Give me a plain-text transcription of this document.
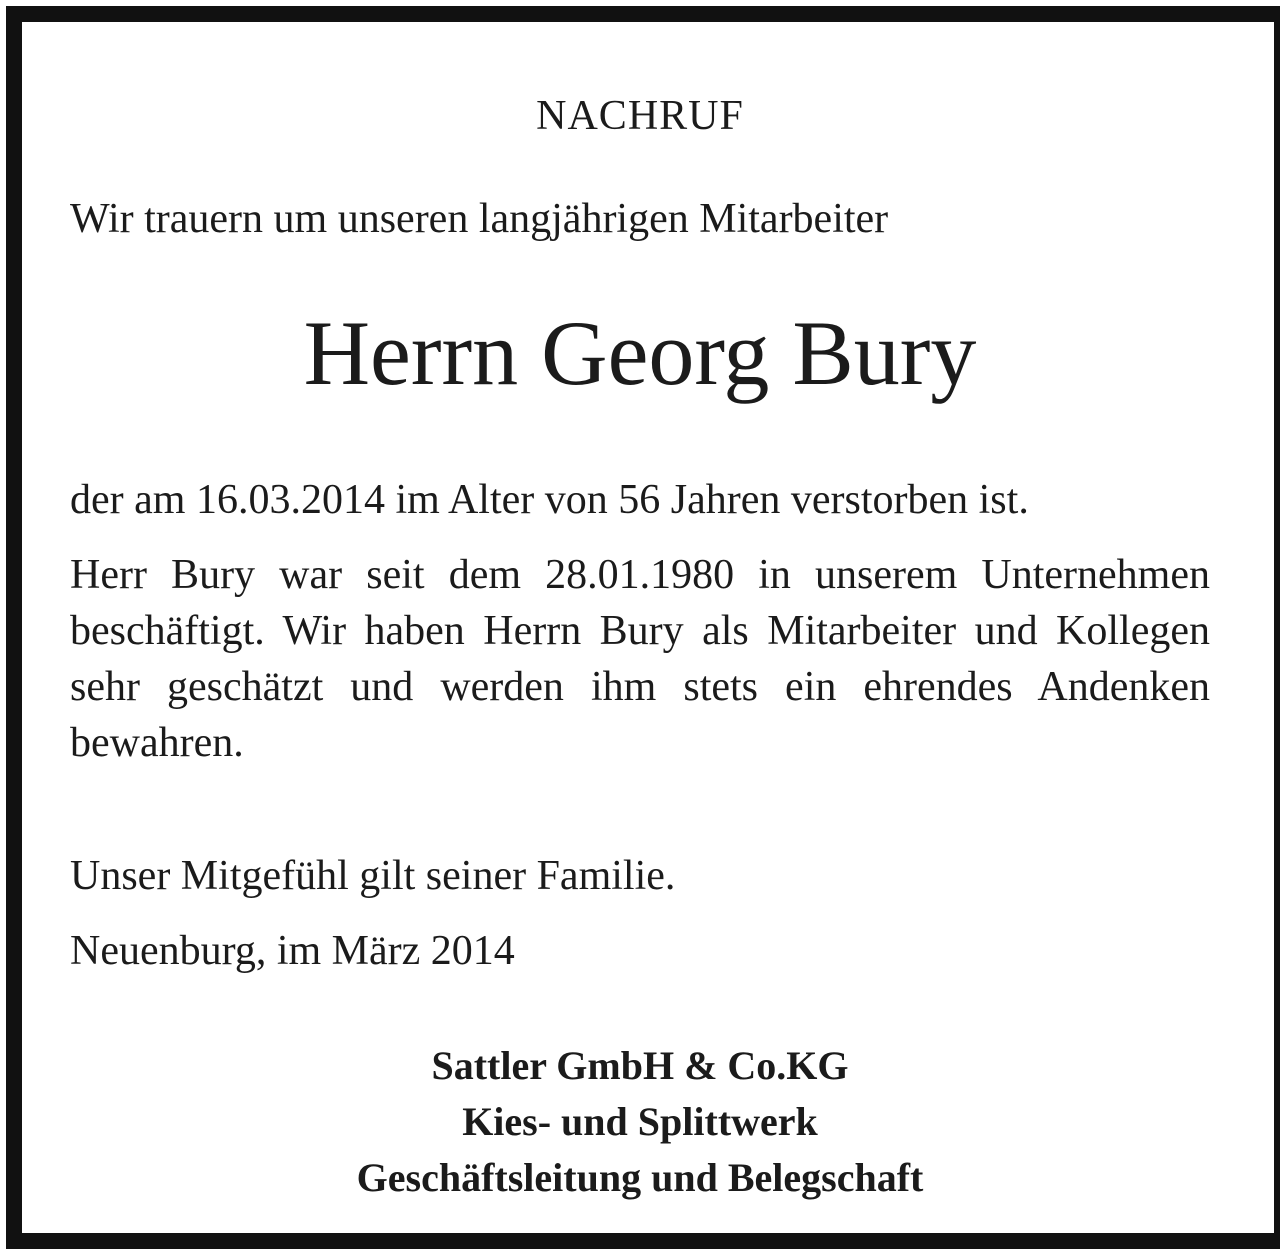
NACHRUF
Wir trauern um unseren langjährigen Mitarbeiter
Herrn Georg Bury
der am 16.03.2014 im Alter von 56 Jahren verstorben ist.
Herr Bury war seit dem 28.01.1980 in unserem Unternehmen beschäftigt. Wir haben Herrn Bury als Mitarbeiter und Kollegen sehr geschätzt und werden ihm stets ein ehrendes Andenken bewahren.
Unser Mitgefühl gilt seiner Familie.
Neuenburg, im März 2014
Sattler GmbH & Co.KG
Kies- und Splittwerk
Geschäftsleitung und Belegschaft
